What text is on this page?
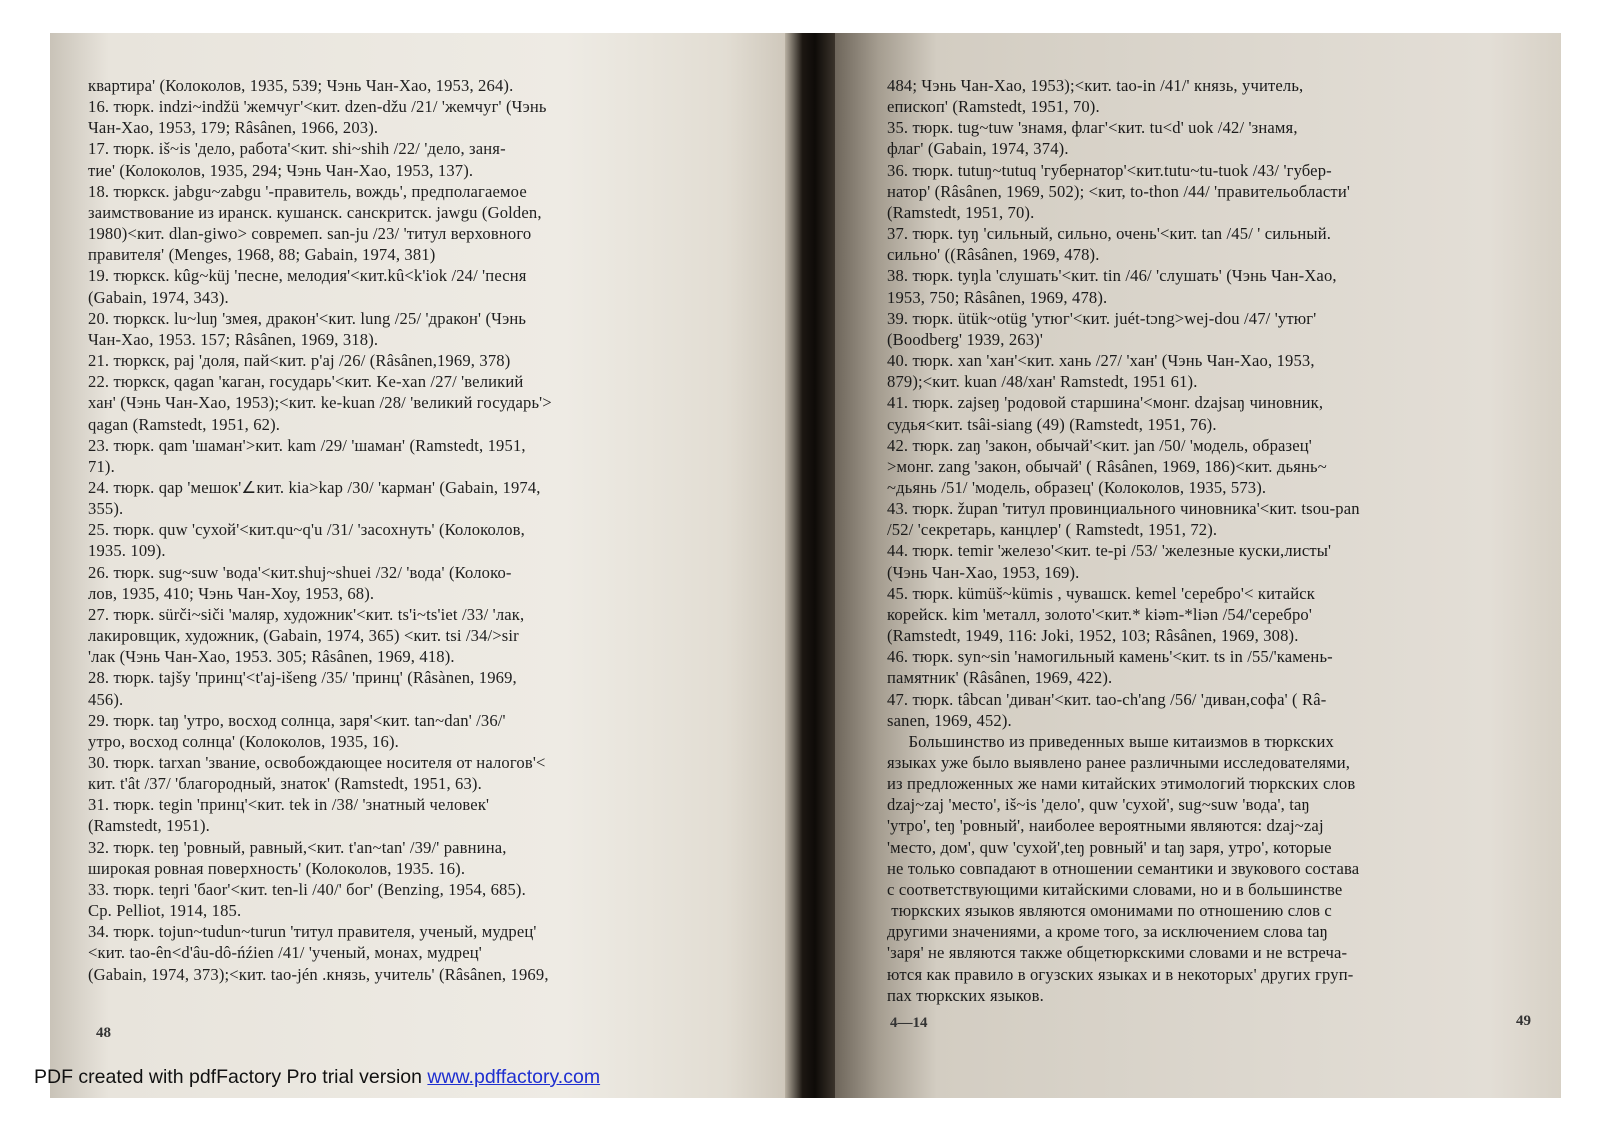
квартира' (Колоколов, 1935, 539; Чэнь Чан-Хао, 1953, 264).
16. тюрк. indzi~indžü 'жемчуг'<кит. dzen-džu /21/ 'жемчуг' (Чэнь
Чан-Хао, 1953, 179; Râsânen, 1966, 203).
17. тюрк. iš~is 'дело, работа'<кит. shi~shih /22/ 'дело, заня-
тие' (Колоколов, 1935, 294; Чэнь Чан-Хао, 1953, 137).
18. тюркск. jabgu~zabgu '-правитель, вождь', предполагаемое
заимствование из иранск. кушанск. санскритск. jawgu (Golden,
1980)<кит. dlan-giwo> совремеп. san-ju /23/ 'титул верховного
правителя' (Menges, 1968, 88; Gabain, 1974, 381)
19. тюркск. kûg~küj 'песне, мелодия'<кит.kû<k'iok /24/ 'песня
(Gabain, 1974, 343).
20. тюркск. lu~luŋ 'змея, дракон'<кит. lung /25/ 'дракон' (Чэнь
Чан-Хао, 1953. 157; Râsânen, 1969, 318).
21. тюркск, paj 'доля, пай<кит. p'aj /26/ (Râsânen,1969, 378)
22. тюркск, qagan 'каган, государь'<кит. Ke-xan /27/ 'великий
хан' (Чэнь Чан-Хао, 1953);<кит. ke-kuan /28/ 'великий государь'>
qagan (Ramstedt, 1951, 62).
23. тюрк. qam 'шаман'>кит. kam /29/ 'шаман' (Ramstedt, 1951,
71).
24. тюрк. qap 'мешок'∠кит. kia>kap /30/ 'карман' (Gabain, 1974,
355).
25. тюрк. quw 'сухой'<кит.qu~q'u /31/ 'засохнуть' (Колоколов,
1935. 109).
26. тюрк. sug~suw 'вода'<кит.shuj~shuei /32/ 'вода' (Колоко-
лов, 1935, 410; Чэнь Чан-Хоу, 1953, 68).
27. тюрк. sürči~siči 'маляр, художник'<кит. ts'i~ts'iet /33/ 'лак,
лакировщик, художник, (Gabain, 1974, 365) <кит. tsi /34/>sir
'лак (Чэнь Чан-Хао, 1953. 305; Râsânen, 1969, 418).
28. тюрк. tajšy 'принц'<t'aj-išeng /35/ 'принц' (Râsànen, 1969,
456).
29. тюрк. taŋ 'утро, восход солнца, заря'<кит. tan~dan' /36/'
утро, восход солнца' (Колоколов, 1935, 16).
30. тюрк. tarxan 'звание, освобождающее носителя от налогов'<
кит. t'ât /37/ 'благородный, знаток' (Ramstedt, 1951, 63).
31. тюрк. tegin 'принц'<кит. tek in /38/ 'знатный человек'
(Ramstedt, 1951).
32. тюрк. teŋ 'ровный, равный,<кит. t'an~tan' /39/' равнина,
широкая ровная поверхность' (Колоколов, 1935. 16).
33. тюрк. teŋri 'бaor'<кит. ten-li /40/' бог' (Benzing, 1954, 685).
Ср. Pelliot, 1914, 185.
34. тюрк. tojun~tudun~turun 'титул правителя, ученый, мудрец'
<кит. tao-ên<d'âu-dô-ńźien /41/ 'ученый, монах, мудрец'
(Gabain, 1974, 373);<кит. tao-jén .князь, учитель' (Râsânen, 1969,
48
484; Чэнь Чан-Хао, 1953);<кит. tao-in /41/' князь, учитель,
епископ' (Ramstedt, 1951, 70).
35. тюрк. tug~tuw 'знамя, флаг'<кит. tu<d' uok /42/ 'знамя,
флаг' (Gabain, 1974, 374).
36. тюрк. tutuŋ~tutuq 'губернатор'<кит.tutu~tu-tuok /43/ 'губер-
натор' (Râsânen, 1969, 502); <кит, to-thon /44/ 'правительобласти'
(Ramstedt, 1951, 70).
37. тюрк. tyŋ 'сильный, сильно, очень'<кит. tan /45/ ' сильный.
сильно' ((Râsânen, 1969, 478).
38. тюрк. tyŋla 'слушать'<кит. tin /46/ 'слушать' (Чэнь Чан-Хао,
1953, 750; Râsânen, 1969, 478).
39. тюрк. ütük~otüg 'утюг'<кит. juét-tɔng>wej-dou /47/ 'утюг'
(Boodberg' 1939, 263)'
40. тюрк. xan 'хан'<кит. хань /27/ 'хан' (Чэнь Чан-Хао, 1953,
879);<кит. kuan /48/хан' Ramstedt, 1951 61).
41. тюрк. zajseŋ 'родовой старшина'<монг. dzajsaŋ чиновник,
судья<кит. tsâi-siang (49) (Ramstedt, 1951, 76).
42. тюрк. zaŋ 'закон, обычай'<кит. jan /50/ 'модель, образец'
>монг. zang 'закон, обычай' ( Râsânen, 1969, 186)<кит. дьянь~
~дьянь /51/ 'модель, образец' (Колоколов, 1935, 573).
43. тюрк. župan 'титул провинциального чиновника'<кит. tsou-pan
/52/ 'секретарь, канцлер' ( Ramstedt, 1951, 72).
44. тюрк. temir 'железо'<кит. te-pi /53/ 'железные куски,листы'
(Чэнь Чан-Хао, 1953, 169).
45. тюрк. kümüš~kümis , чувашск. kemel 'серебро'< китайск
корейск. kim 'металл, золото'<кит.* kiəm-*liən /54/'серебро'
(Ramstedt, 1949, 116: Joki, 1952, 103; Râsânen, 1969, 308).
46. тюрк. syn~sin 'намогильный камень'<кит. ts in /55/'камень-
памятник' (Râsânen, 1969, 422).
47. тюрк. tâbcan 'диван'<кит. tao-ch'ang /56/ 'диван,софа' ( Râ-
sanen, 1969, 452).
Большинство из приведенных выше китаизмов в тюркских
языках уже было выявлено ранее различными исследователями,
из предложенных же нами китайских этимологий тюркских слов
dzaj~zaj 'место', iš~is 'дело', quw 'сухой', sug~suw 'вода', taŋ
'утро', teŋ 'ровный', наиболее вероятными являются: dzaj~zaj
'место, дом', quw 'сухой',teŋ ровный' и taŋ заря, утро', которые
не только совпадают в отношении семантики и звукового состава
с соответствующими китайскими словами, но и в большинстве
тюркских языков являются омонимами по отношению слов с
другими значениями, а кроме того, за исключением слова taŋ
'заря' не являются также общетюркскими словами и не встреча-
ются как правило в огузских языках и в некоторых' других груп-
пах тюркских языков.
4—14	49
PDF created with pdfFactory Pro trial version www.pdffactory.com
